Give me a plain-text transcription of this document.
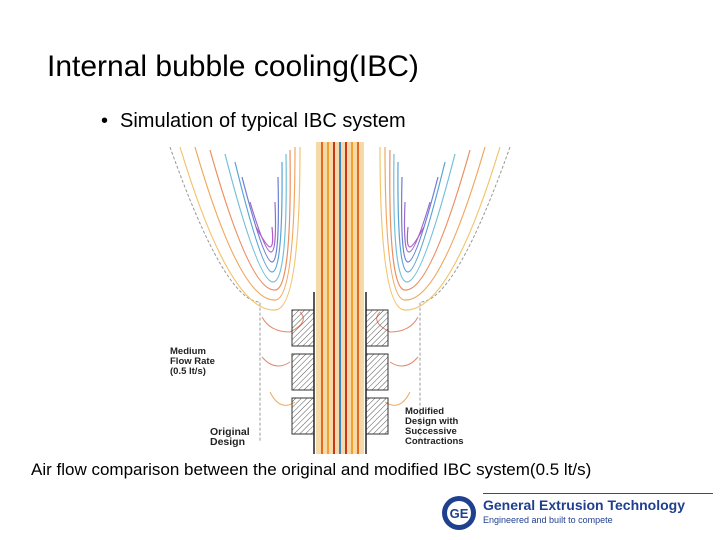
Internal bubble cooling(IBC)
• Simulation of typical IBC system
Medium
Flow Rate
(0.5 lt/s)
Original
Design
Modified
Design with
Successive
Contractions
Air flow comparison between the original and modified IBC system(0.5 lt/s)
GE
General Extrusion Technology
Engineered and built to compete
